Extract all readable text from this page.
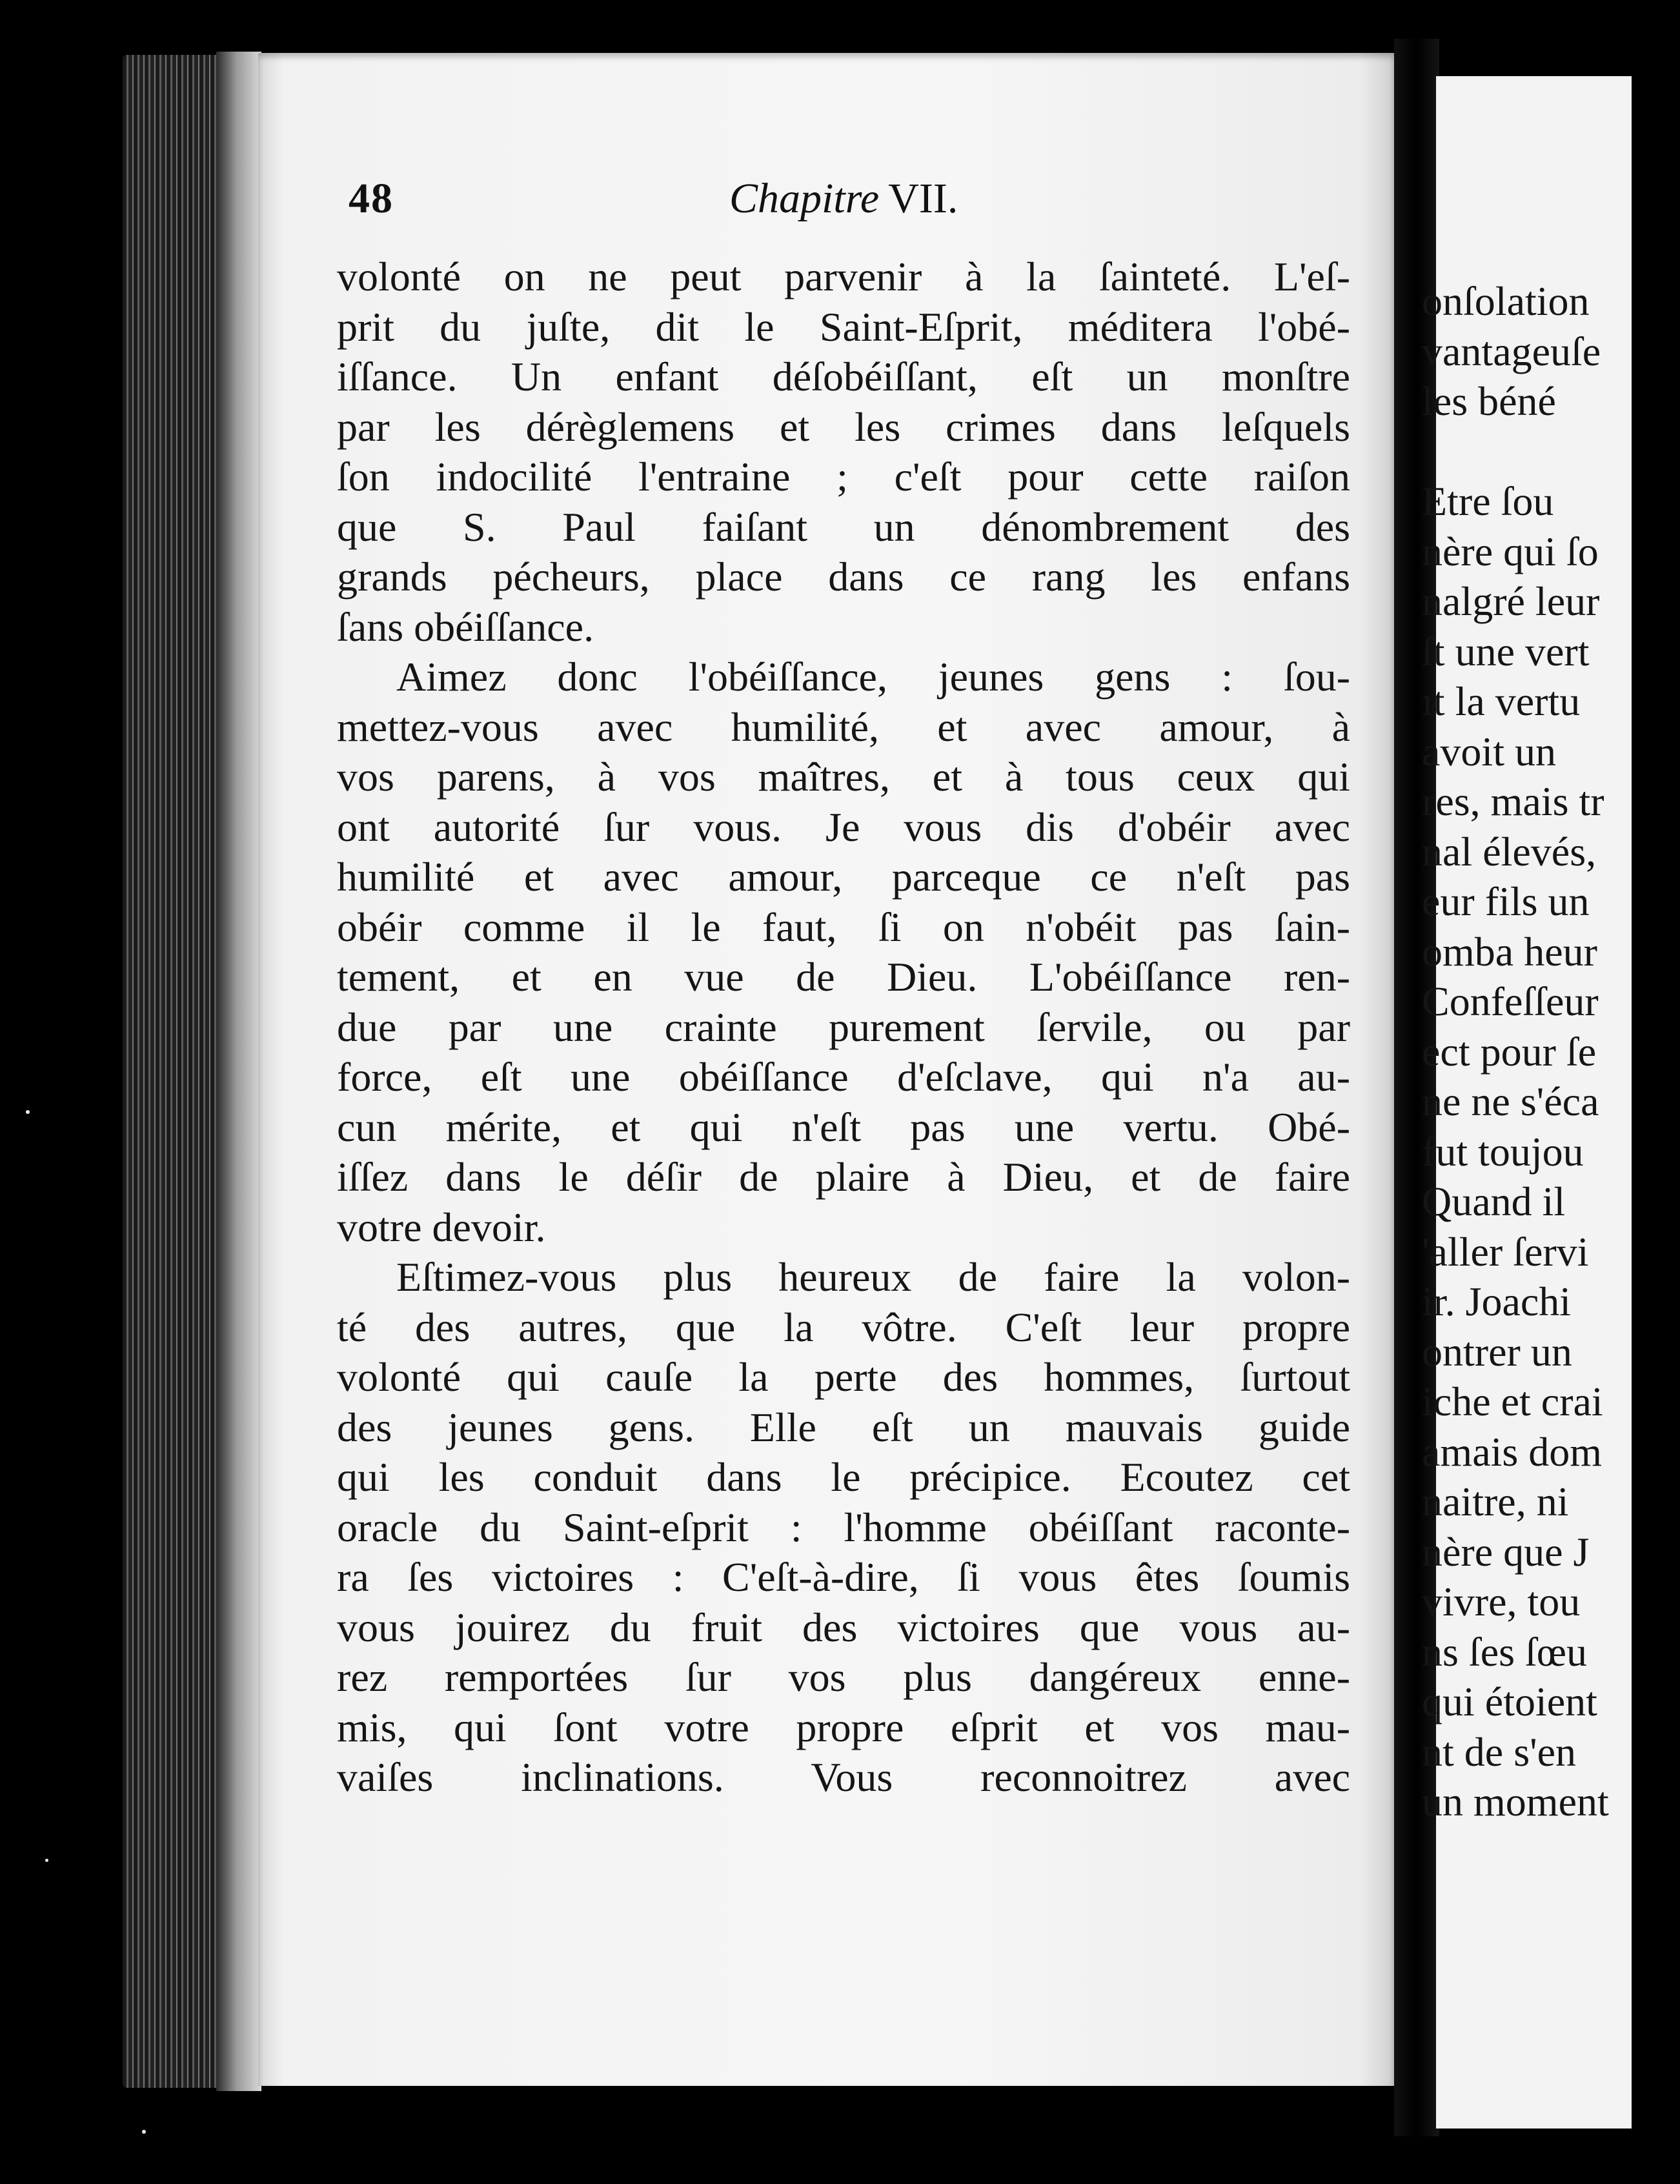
48	Chapitre VII.
volonté on ne peut parvenir à la ſainteté. L'eſ-
prit du juſte, dit le Saint-Eſprit, méditera l'obé-
iſſance. Un enfant déſobéiſſant, eſt un monſtre
par les dérèglemens et les crimes dans leſquels
ſon indocilité l'entraine ; c'eſt pour cette raiſon
que S. Paul faiſant un dénombrement des
grands pécheurs, place dans ce rang les enfans
ſans obéiſſance.
Aimez donc l'obéiſſance, jeunes gens : ſou-
mettez-vous avec humilité, et avec amour, à
vos parens, à vos maîtres, et à tous ceux qui
ont autorité ſur vous. Je vous dis d'obéir avec
humilité et avec amour, parceque ce n'eſt pas
obéir comme il le faut, ſi on n'obéit pas ſain-
tement, et en vue de Dieu. L'obéiſſance ren-
due par une crainte purement ſervile, ou par
force, eſt une obéiſſance d'eſclave, qui n'a au-
cun mérite, et qui n'eſt pas une vertu. Obé-
iſſez dans le déſir de plaire à Dieu, et de faire
votre devoir.
Eſtimez-vous plus heureux de faire la volon-
té des autres, que la vôtre. C'eſt leur propre
volonté qui cauſe la perte des hommes, ſurtout
des jeunes gens. Elle eſt un mauvais guide
qui les conduit dans le précipice. Ecoutez cet
oracle du Saint-eſprit : l'homme obéiſſant raconte-
ra ſes victoires : C'eſt-à-dire, ſi vous êtes ſoumis
vous jouirez du fruit des victoires que vous au-
rez remportées ſur vos plus dangéreux enne-
mis, qui ſont votre propre eſprit et vos mau-
vaiſes inclinations. Vous reconnoitrez avec
onſolation
vantageuſe
les béné
Etre ſou
nère qui ſo
nalgré leur
ſt une vert
ıt la vertu
avoit un
res, mais tr
nal élevés,
eur fils un
omba heur
Confeſſeur
ect pour ſe
ne ne s'éca
fut toujou
Quand il
'aller ſervi
ir. Joachi
ontrer un
iche et crai
amais dom
naitre, ni
nère que J
vivre, tou
ns ſes ſœu
qui étoient
nt de s'en
un moment
